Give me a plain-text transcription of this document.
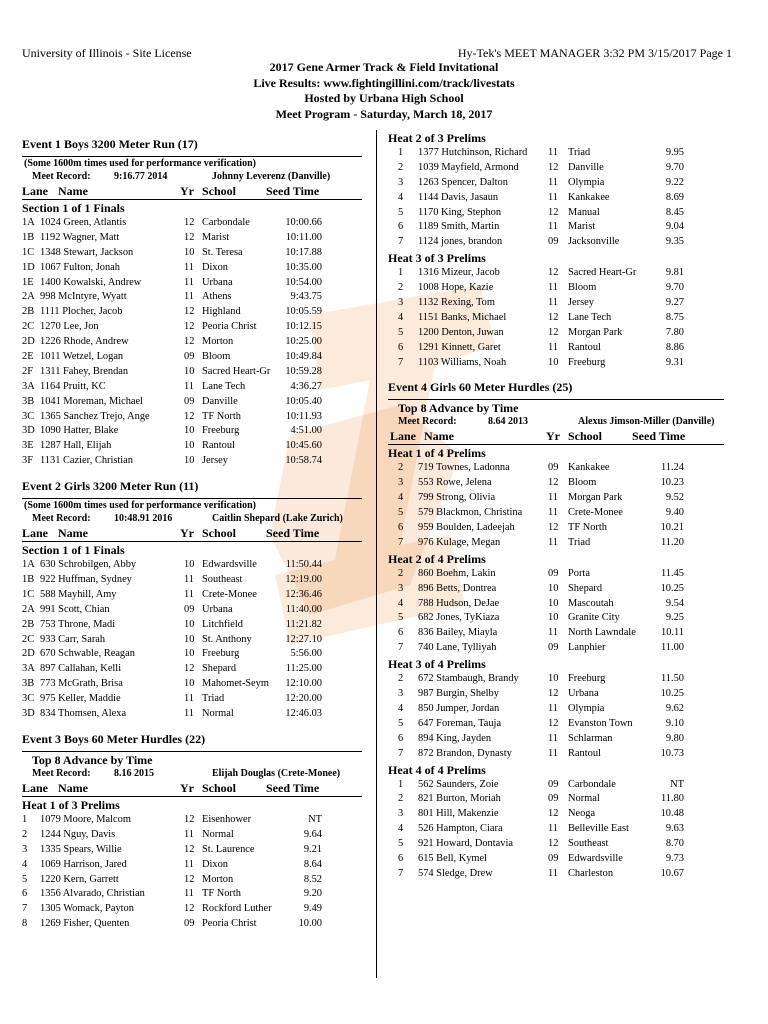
University of Illinois - Site License	Hy-Tek's MEET MANAGER 3:32 PM 3/15/2017 Page 1
2017 Gene Armer Track & Field Invitational
Live Results: www.fightingillini.com/track/livestats
Hosted by Urbana High School
Meet Program - Saturday, March 18, 2017
Event 1 Boys 3200 Meter Run (17)
(Some 1600m times used for performance verification)
Meet Record: 9:16.77 2014	Johnny Leverenz (Danville)
Lane Name	Yr School Seed Time
Section 1 of 1 Finals
1A 1024 Green, Atlantis	12 Carbondale	10:00.66
1B 1192 Wagner, Matt	12 Marist	10:11.00
1C 1348 Stewart, Jackson	10 St. Teresa	10:17.88
1D 1067 Fulton, Jonah	11 Dixon	10:35.00
1E 1400 Kowalski, Andrew	11 Urbana	10:54.00
2A 998 McIntyre, Wyatt	11 Athens	9:43.75
2B 1111 Plocher, Jacob	12 Highland	10:05.59
2C 1270 Lee, Jon	12 Peoria Christ	10:12.15
2D 1226 Rhode, Andrew	12 Morton	10:25.00
2E 1011 Wetzel, Logan	09 Bloom	10:49.84
2F 1311 Fahey, Brendan	10 Sacred Heart-Gr 10:59.28
3A 1164 Pruitt, KC	11 Lane Tech	4:36.27
3B 1041 Moreman, Michael	09 Danville	10:05.40
3C 1365 Sanchez Trejo, Ange	12 TF North	10:11.93
3D 1090 Hatter, Blake	10 Freeburg	4:51.00
3E 1287 Hall, Elijah	10 Rantoul	10:45.60
3F 1131 Cazier, Christian	10 Jersey	10:58.74
Event 2 Girls 3200 Meter Run (11)
(Some 1600m times used for performance verification)
Meet Record: 10:48.91 2016	Caitlin Shepard (Lake Zurich)
Lane Name	Yr School Seed Time
Section 1 of 1 Finals
1A 630 Schrobilgen, Abby	10 Edwardsville	11:50.44
1B 922 Huffman, Sydney	11 Southeast	12:19.00
1C 588 Mayhill, Amy	11 Crete-Monee	12:36.46
2A 991 Scott, Chian	09 Urbana	11:40.00
2B 753 Throne, Madi	10 Litchfield	11:21.82
2C 933 Carr, Sarah	10 St. Anthony	12:27.10
2D 670 Schwable, Reagan	10 Freeburg	5:56.00
3A 897 Callahan, Kelli	12 Shepard	11:25.00
3B 773 McGrath, Brisa	10 Mahomet-Seym 12:10.00
3C 975 Keller, Maddie	11 Triad	12:20.00
3D 834 Thomsen, Alexa	11 Normal	12:46.03
Event 3 Boys 60 Meter Hurdles (22)
Top 8 Advance by Time
Meet Record: 8.16 2015	Elijah Douglas (Crete-Monee)
Lane Name	Yr School Seed Time
Heat 1 of 3 Prelims
1 1079 Moore, Malcom	12 Eisenhower	NT
2 1244 Nguy, Davis	11 Normal	9.64
3 1335 Spears, Willie	12 St. Laurence	9.21
4 1069 Harrison, Jared	11 Dixon	8.64
5 1220 Kern, Garrett	12 Morton	8.52
6 1356 Alvarado, Christian	11 TF North	9.20
7 1305 Womack, Payton	12 Rockford Luther	9.49
8 1269 Fisher, Quenten	09 Peoria Christ	10.00
Heat 2 of 3 Prelims
1 1377 Hutchinson, Richard 11 Triad	9.95
2 1039 Mayfield, Armond	12 Danville	9.70
3 1263 Spencer, Dalton	11 Olympia	9.22
4 1144 Davis, Jasaun	11 Kankakee	8.69
5 1170 King, Stephon	12 Manual	8.45
6 1189 Smith, Martin	11 Marist	9.04
7 1124 jones, brandon	09 Jacksonville	9.35
Heat 3 of 3 Prelims
1 1316 Mizeur, Jacob	12 Sacred Heart-Gr	9.81
2 1008 Hope, Kazie	11 Bloom	9.70
3 1132 Rexing, Tom	11 Jersey	9.27
4 1151 Banks, Michael	12 Lane Tech	8.75
5 1200 Denton, Juwan	12 Morgan Park	7.80
6 1291 Kinnett, Garet	11 Rantoul	8.86
7 1103 Williams, Noah	10 Freeburg	9.31
Event 4 Girls 60 Meter Hurdles (25)
Top 8 Advance by Time
Meet Record:	8.64 2013	Alexus Jimson-Miller (Danville)
Lane Name	Yr School Seed Time
Heat 1 of 4 Prelims
2 719 Townes, Ladonna	09 Kankakee	11.24
3 553 Rowe, Jelena	12 Bloom	10.23
4 799 Strong, Olivia	11 Morgan Park	9.52
5 579 Blackmon, Christina 11 Crete-Monee	9.40
6 959 Boulden, Ladeejah	12 TF North	10.21
7 976 Kulage, Megan	11 Triad	11.20
Heat 2 of 4 Prelims
2 860 Boehm, Lakin	09 Porta	11.45
3 896 Betts, Dontrea	10 Shepard	10.25
4 788 Hudson, DeJae	10 Mascoutah	9.54
5 682 Jones, TyKiaza	10 Granite City	9.25
6 836 Bailey, Miayla	11 North Lawndale 10.11
7 740 Lane, Tylliyah	09 Lanphier	11.00
Heat 3 of 4 Prelims
2 672 Stambaugh, Brandy	10 Freeburg	11.50
3 987 Burgin, Shelby	12 Urbana	10.25
4 850 Jumper, Jordan	11 Olympia	9.62
5 647 Foreman, Tauja	12 Evanston Town	9.10
6 894 King, Jayden	11 Schlarman	9.80
7 872 Brandon, Dynasty	11 Rantoul	10.73
Heat 4 of 4 Prelims
1 562 Saunders, Zoie	09 Carbondale	NT
2 821 Burton, Moriah	09 Normal	11.80
3 801 Hill, Makenzie	12 Neoga	10.48
4 526 Hampton, Ciara	11 Belleville East	9.63
5 921 Howard, Dontavia	12 Southeast	8.70
6 615 Bell, Kymel	09 Edwardsville	9.73
7 574 Sledge, Drew	11 Charleston	10.67
